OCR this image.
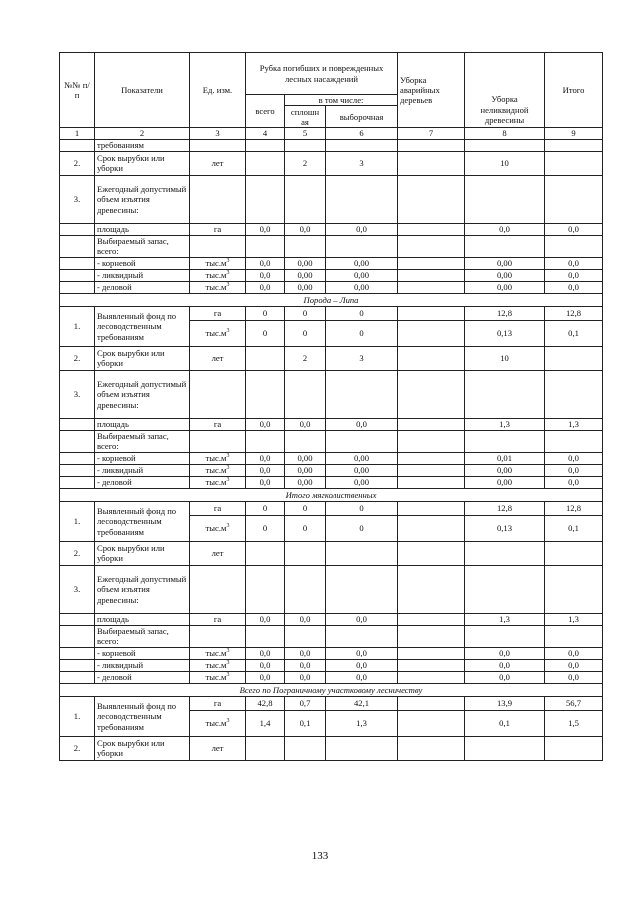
№№ п/п	Показатели	Ед. изм.	Рубка погибших и поврежденных лесных насаждений			Уборка аварийных деревьев	Уборка неликвидной древесины	Итого
			всего	в том числе:				
				сплошн ая	выборочная			
1	2	3	4	5	6	7	8	9
	требованиям							
2.	Срок вырубки или уборки	лет		2	3		10	
3.	Ежегодный допустимый объем изъятия древесины:							
	площадь	га	0,0	0,0	0,0		0,0	0,0
	Выбираемый запас, всего:							
	- корневой	$тыс.м^3$	0,0	0,00	0,00		0,00	0,0
	- ликвидный	$тыс.м^3$	0,0	0,00	0,00		0,00	0,0
	- деловой	$тыс.м^3$	0,0	0,00	0,00		0,00	0,0
Порода – Липа								
1.	Выявленный фонд по лесоводственным требованиям	га	0	0	0		12,8	12,8
		$тыс.м^3$	0	0	0		0,13	0,1
2.	Срок вырубки или уборки	лет		2	3		10	
3.	Ежегодный допустимый объем изъятия древесины:							
	площадь	га	0,0	0,0	0,0		1,3	1,3
	Выбираемый запас, всего:							
	- корневой	$тыс.м^3$	0,0	0,00	0,00		0,01	0,0
	- ликвидный	$тыс.м^3$	0,0	0,00	0,00		0,00	0,0
	- деловой	$тыс.м^3$	0,0	0,00	0,00		0,00	0,0
Итого мягколиственных								
1.	Выявленный фонд по лесоводственным требованиям	га	0	0	0		12,8	12,8
		$тыс.м^3$	0	0	0		0,13	0,1
2.	Срок вырубки или уборки	лет						
3.	Ежегодный допустимый объем изъятия древесины:							
	площадь	га	0,0	0,0	0,0		1,3	1,3
	Выбираемый запас, всего:							
	- корневой	$тыс.м^3$	0,0	0,0	0,0		0,0	0,0
	- ликвидный	$тыс.м^3$	0,0	0,0	0,0		0,0	0,0
	- деловой	$тыс.м^3$	0,0	0,0	0,0		0,0	0,0
Всего по Пограничному участковому лесничеству								
1.	Выявленный фонд по лесоводственным требованиям	га	42,8	0,7	42,1		13,9	56,7
		$тыс.м^3$	1,4	0,1	1,3		0,1	1,5
2.	Срок вырубки или уборки	лет						
133
